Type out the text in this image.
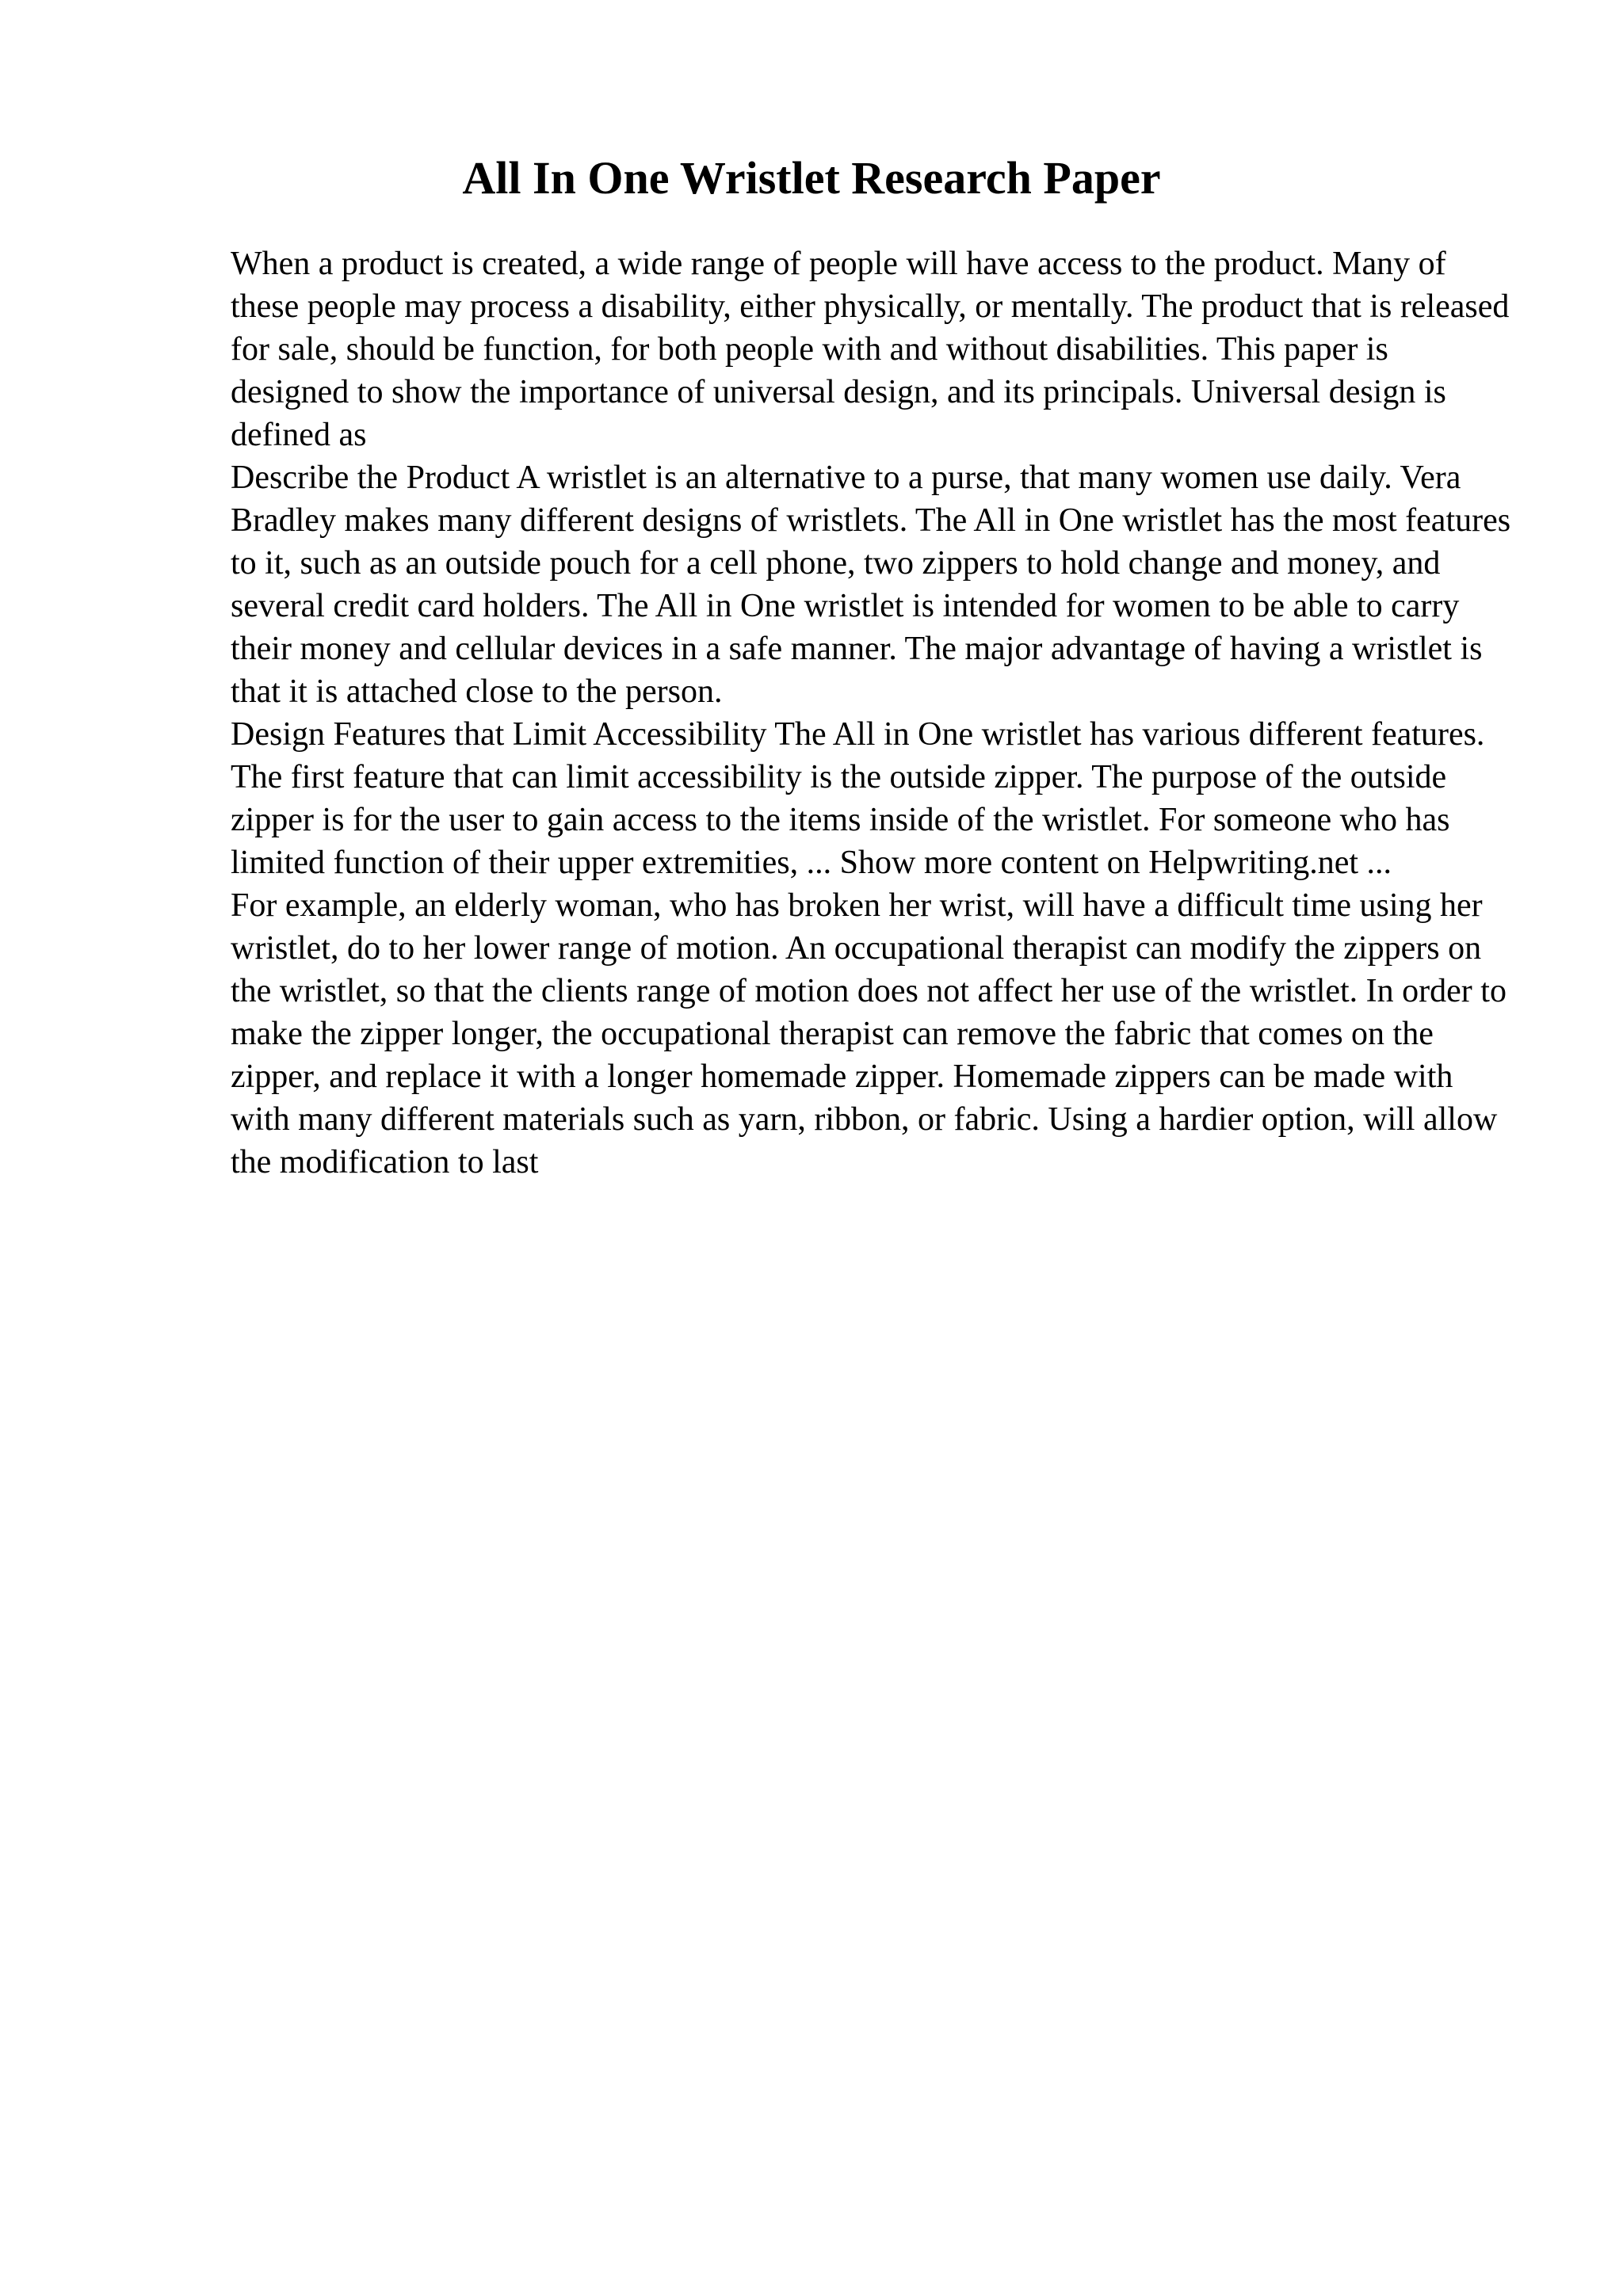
All In One Wristlet Research Paper

When a product is created, a wide range of people will have access to the product. Many of these people may process a disability, either physically, or mentally. The product that is released for sale, should be function, for both people with and without disabilities. This paper is designed to show the importance of universal design, and its principals. Universal design is defined as

Describe the Product A wristlet is an alternative to a purse, that many women use daily. Vera Bradley makes many different designs of wristlets. The All in One wristlet has the most features to it, such as an outside pouch for a cell phone, two zippers to hold change and money, and several credit card holders. The All in One wristlet is intended for women to be able to carry their money and cellular devices in a safe manner. The major advantage of having a wristlet is that it is attached close to the person.

Design Features that Limit Accessibility The All in One wristlet has various different features. The first feature that can limit accessibility is the outside zipper. The purpose of the outside zipper is for the user to gain access to the items inside of the wristlet. For someone who has limited function of their upper extremities, ... Show more content on Helpwriting.net ...

For example, an elderly woman, who has broken her wrist, will have a difficult time using her wristlet, do to her lower range of motion. An occupational therapist can modify the zippers on the wristlet, so that the clients range of motion does not affect her use of the wristlet. In order to make the zipper longer, the occupational therapist can remove the fabric that comes on the zipper, and replace it with a longer homemade zipper. Homemade zippers can be made with with many different materials such as yarn, ribbon, or fabric. Using a hardier option, will allow the modification to last
